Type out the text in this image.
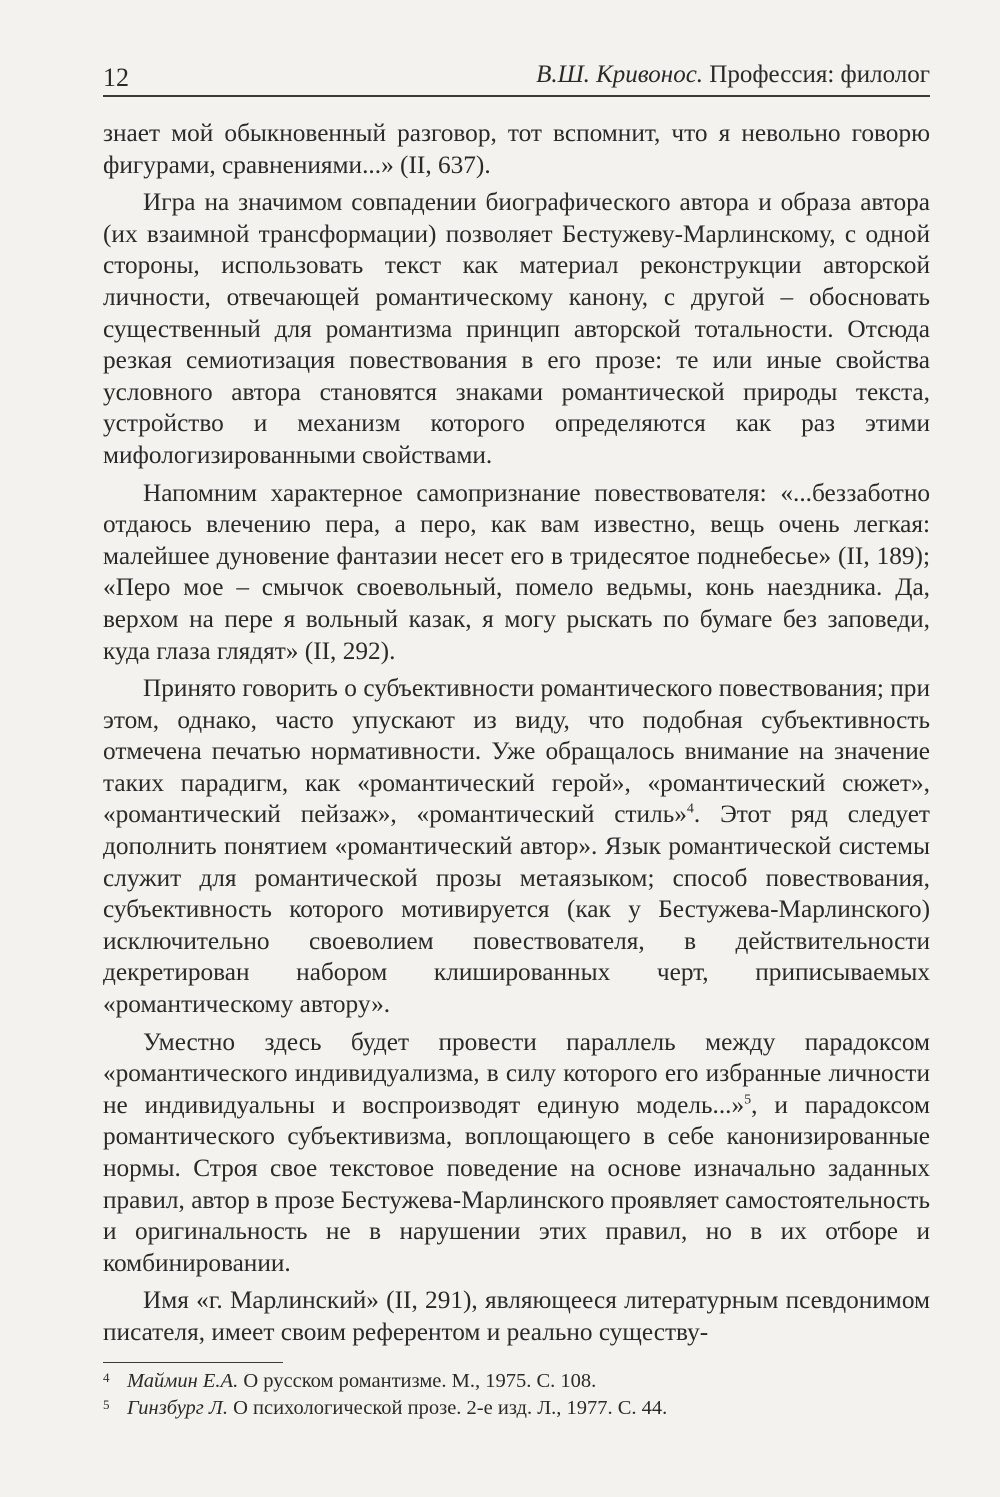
12	В.Ш. Кривонос. Профессия: филолог

знает мой обыкновенный разговор, тот вспомнит, что я невольно говорю фигурами, сравнениями...» (II, 637).

Игра на значимом совпадении биографического автора и образа автора (их взаимной трансформации) позволяет Бестужеву-Марлинскому, с одной стороны, использовать текст как материал реконструкции авторской личности, отвечающей романтическому канону, с другой – обосновать существенный для романтизма принцип авторской тотальности. Отсюда резкая семиотизация повествования в его прозе: те или иные свойства условного автора становятся знаками романтической природы текста, устройство и механизм которого определяются как раз этими мифологизированными свойствами.

Напомним характерное самопризнание повествователя: «...беззаботно отдаюсь влечению пера, а перо, как вам известно, вещь очень легкая: малейшее дуновение фантазии несет его в тридесятое поднебесье» (II, 189); «Перо мое – смычок своевольный, помело ведьмы, конь наездника. Да, верхом на пере я вольный казак, я могу рыскать по бумаге без заповеди, куда глаза глядят» (II, 292).

Принято говорить о субъективности романтического повествования; при этом, однако, часто упускают из виду, что подобная субъективность отмечена печатью нормативности. Уже обращалось внимание на значение таких парадигм, как «романтический герой», «романтический сюжет», «романтический пейзаж», «романтический стиль»$^4$. Этот ряд следует дополнить понятием «романтический автор». Язык романтической системы служит для романтической прозы метаязыком; способ повествования, субъективность которого мотивируется (как у Бестужева-Марлинского) исключительно своеволием повествователя, в действительности декретирован набором клишированных черт, приписываемых «романтическому автору».

Уместно здесь будет провести параллель между парадоксом «романтического индивидуализма, в силу которого его избранные личности не индивидуальны и воспроизводят единую модель...»$^5$, и парадоксом романтического субъективизма, воплощающего в себе канонизированные нормы. Строя свое текстовое поведение на основе изначально заданных правил, автор в прозе Бестужева-Марлинского проявляет самостоятельность и оригинальность не в нарушении этих правил, но в их отборе и комбинировании.

Имя «г. Марлинский» (II, 291), являющееся литературным псевдонимом писателя, имеет своим референтом и реально существу-

4 Маймин Е.А. О русском романтизме. М., 1975. С. 108.
5 Гинзбург Л. О психологической прозе. 2-е изд. Л., 1977. С. 44.
